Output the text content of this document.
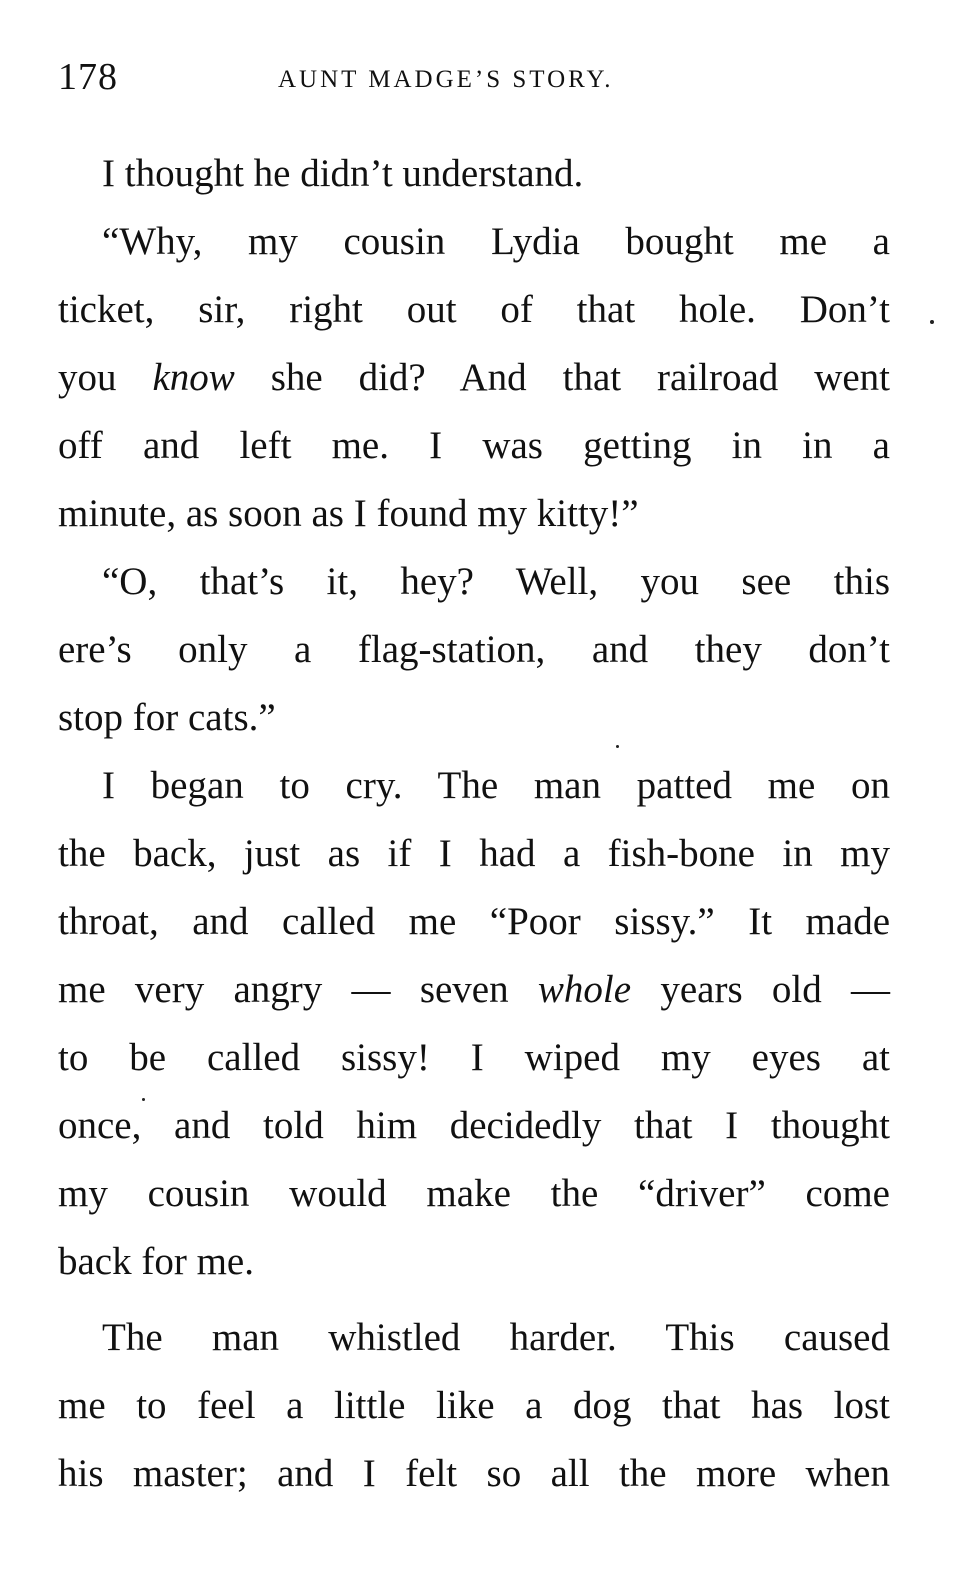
178	AUNT MADGE’S STORY.
I thought he didn’t understand.
“Why, my cousin Lydia bought me a
ticket, sir, right out of that hole. Don’t
you know she did? And that railroad went
off and left me. I was getting in in a
minute, as soon as I found my kitty!”
“O, that’s it, hey? Well, you see this
ere’s only a flag-station, and they don’t
stop for cats.”
I began to cry. The man patted me on
the back, just as if I had a fish-bone in my
throat, and called me “Poor sissy.” It made
me very angry — seven whole years old —
to be called sissy! I wiped my eyes at
once, and told him decidedly that I thought
my cousin would make the “driver” come
back for me.
The man whistled harder. This caused
me to feel a little like a dog that has lost
his master; and I felt so all the more when
